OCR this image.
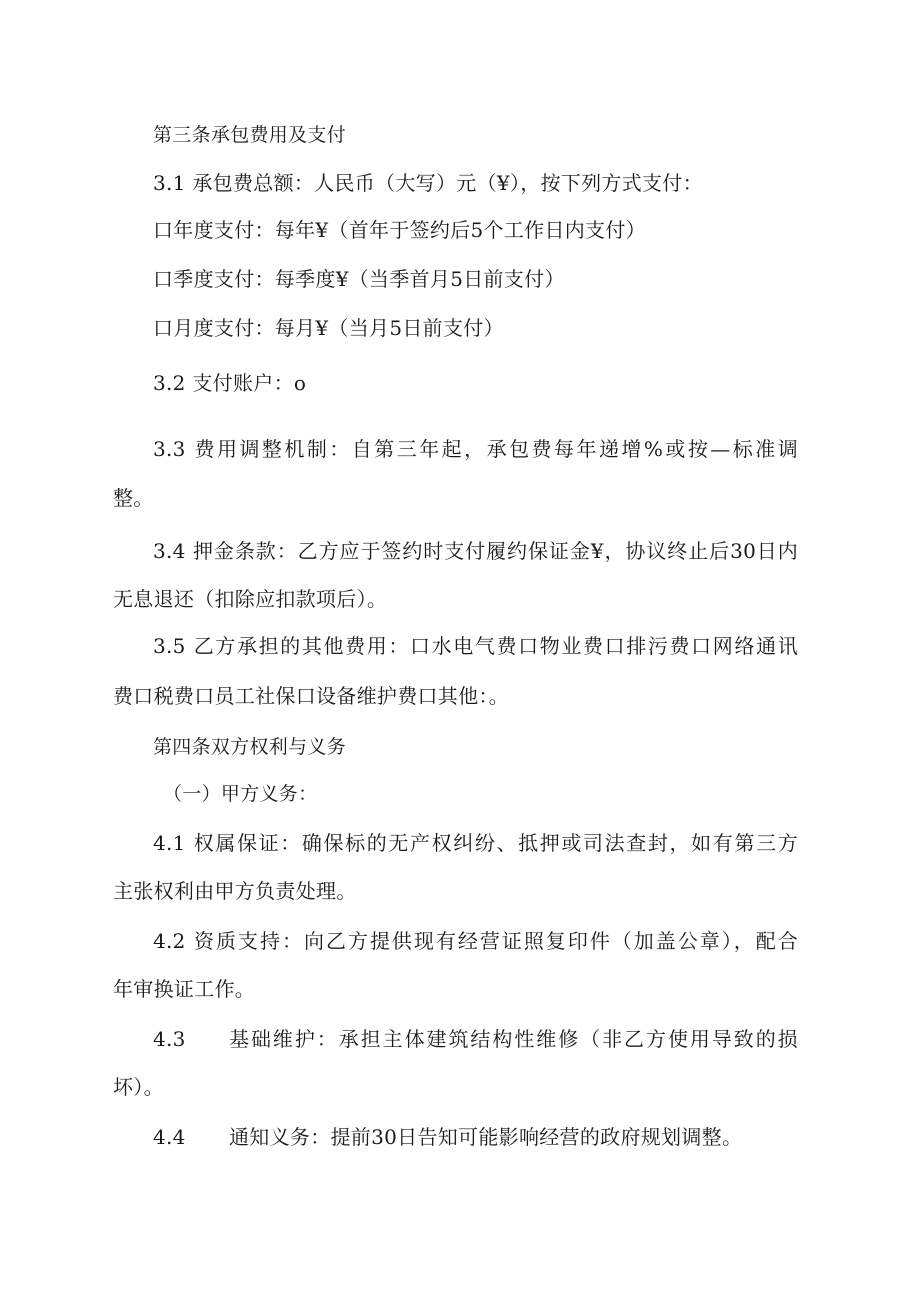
第三条承包费用及支付
3.1 承包费总额：人民币（大写）元（¥），按下列方式支付：
口年度支付：每年¥（首年于签约后5个工作日内支付）
口季度支付：每季度¥（当季首月5日前支付）
口月度支付：每月¥（当月5日前支付）
3.2 支付账户：o
3.3 费用调整机制：自第三年起，承包费每年递增%或按—标准调
整。
3.4 押金条款：乙方应于签约时支付履约保证金¥，协议终止后30日内
无息退还（扣除应扣款项后）。
3.5 乙方承担的其他费用：口水电气费口物业费口排污费口网络通讯
费口税费口员工社保口设备维护费口其他：。
第四条双方权利与义务
（一）甲方义务：
4.1 权属保证：确保标的无产权纠纷、抵押或司法查封，如有第三方
主张权利由甲方负责处理。
4.2 资质支持：向乙方提供现有经营证照复印件（加盖公章），配合
年审换证工作。
4.3 基础维护：承担主体建筑结构性维修（非乙方使用导致的损
坏）。
4.4 通知义务：提前30日告知可能影响经营的政府规划调整。
